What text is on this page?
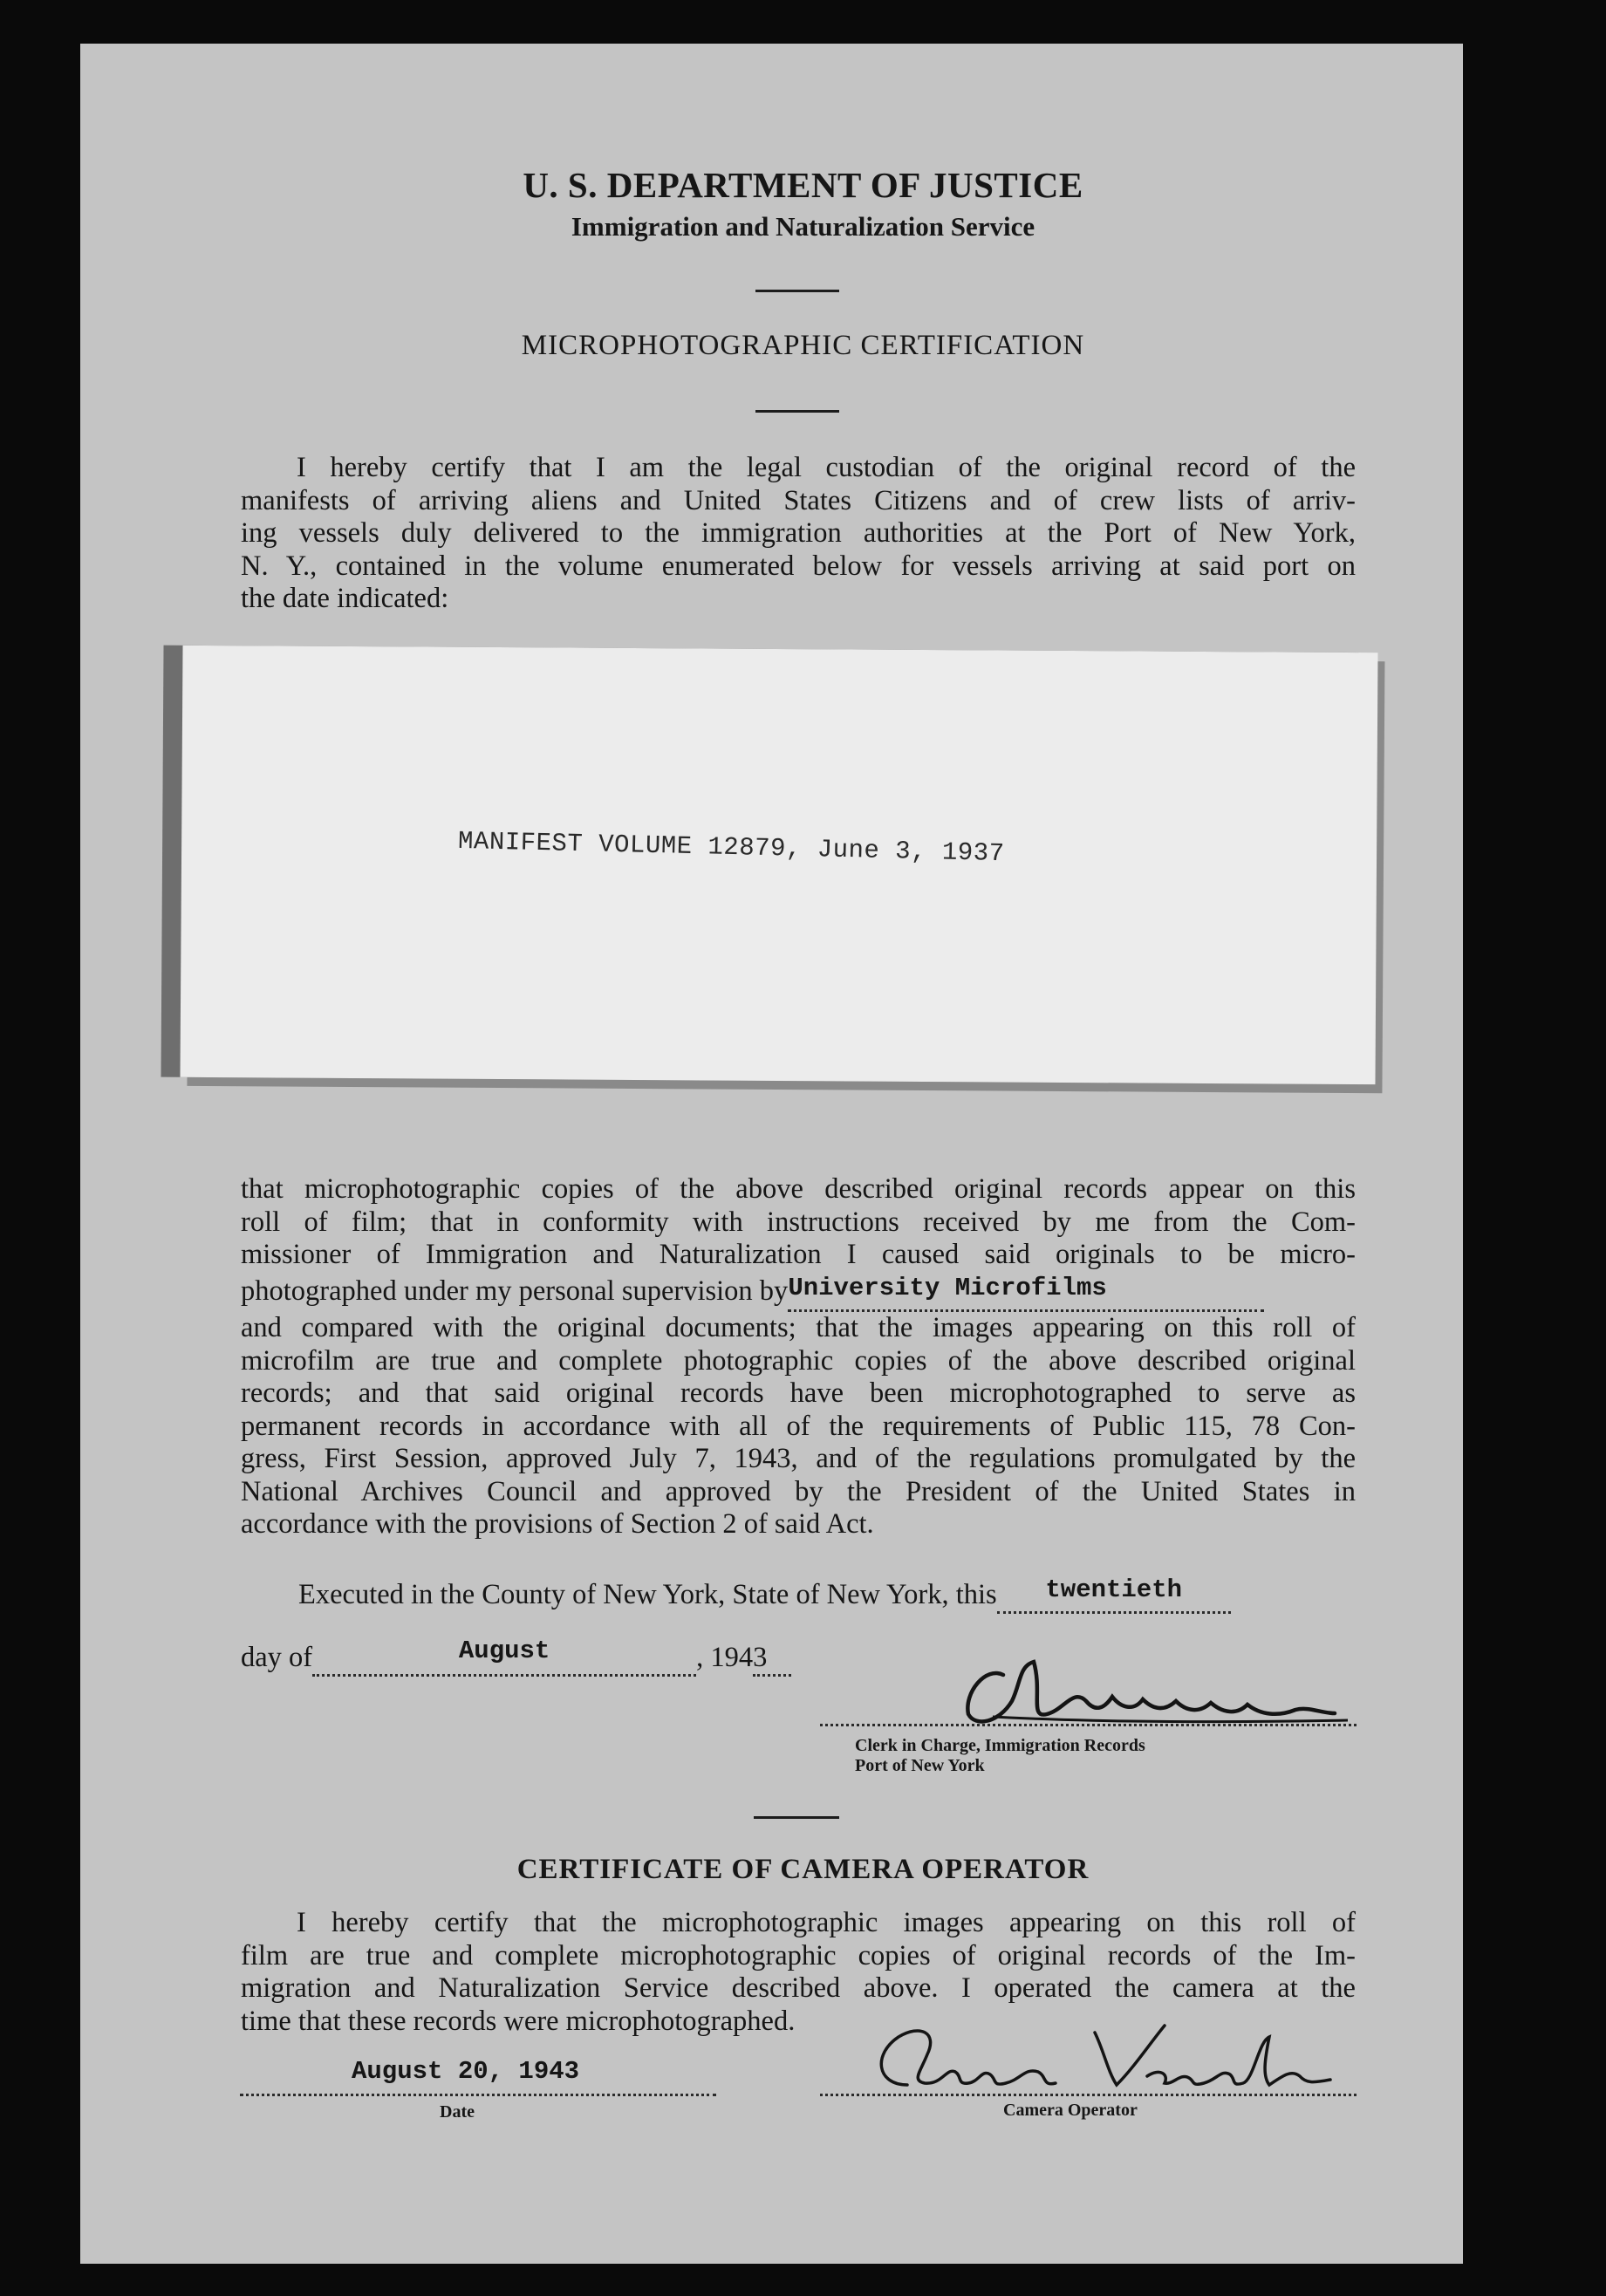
U. S. DEPARTMENT OF JUSTICE
Immigration and Naturalization Service
MICROPHOTOGRAPHIC CERTIFICATION
I hereby certify that I am the legal custodian of the original record of the
manifests of arriving aliens and United States Citizens and of crew lists of arriv-
ing vessels duly delivered to the immigration authorities at the Port of New York,
N. Y., contained in the volume enumerated below for vessels arriving at said port on
the date indicated:
MANIFEST VOLUME 12879, June 3, 1937
that microphotographic copies of the above described original records appear on this
roll of film; that in conformity with instructions received by me from the Com-
missioner of Immigration and Naturalization I caused said originals to be micro-
photographed under my personal supervision byUniversity Microfilms
and compared with the original documents; that the images appearing on this roll of
microfilm are true and complete photographic copies of the above described original
records; and that said original records have been microphotographed to serve as
permanent records in accordance with all of the requirements of Public 115, 78 Con-
gress, First Session, approved July 7, 1943, and of the regulations promulgated by the
National Archives Council and approved by the President of the United States in
accordance with the provisions of Section 2 of said Act.
Executed in the County of New York, State of New York, this twentieth
day of	August	, 1943
Clerk in Charge, Immigration Records
Port of New York
CERTIFICATE OF CAMERA OPERATOR
I hereby certify that the microphotographic images appearing on this roll of
film are true and complete microphotographic copies of original records of the Im-
migration and Naturalization Service described above. I operated the camera at the
time that these records were microphotographed.
August 20, 1943
Date	Camera Operator
